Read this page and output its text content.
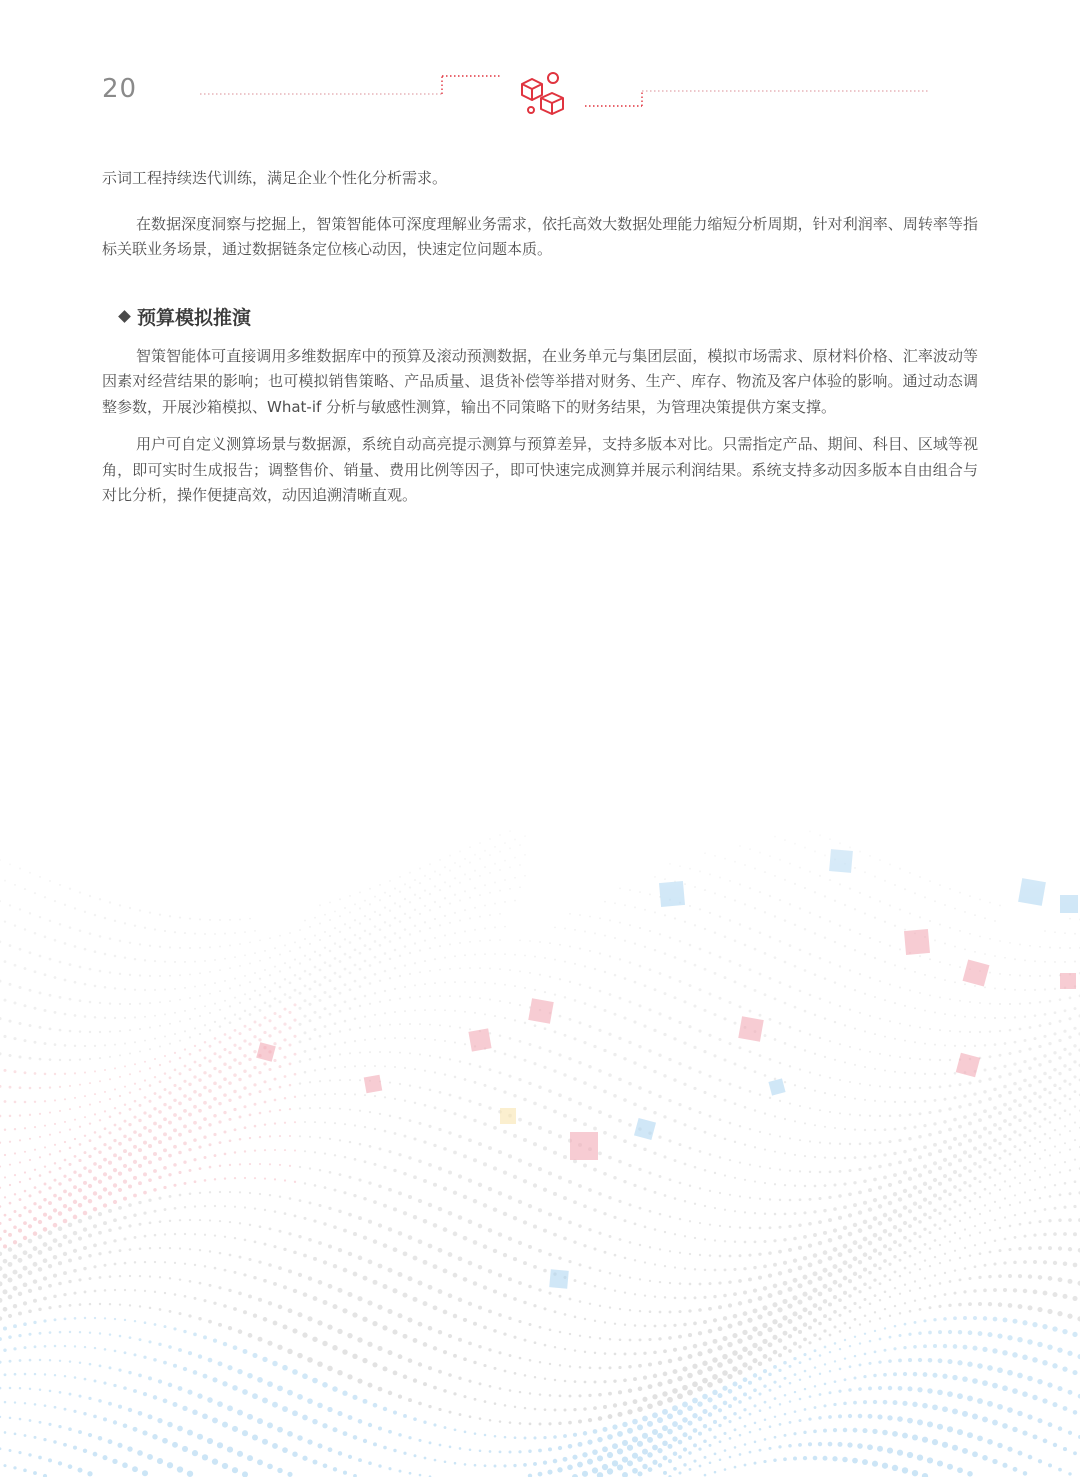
20

示词工程持续迭代训练，满足企业个性化分析需求。

在数据深度洞察与挖掘上，智策智能体可深度理解业务需求，依托高效大数据处理能力缩短分析周期，针对利润率、周转率等指标关联业务场景，通过数据链条定位核心动因，快速定位问题本质。

预算模拟推演

智策智能体可直接调用多维数据库中的预算及滚动预测数据，在业务单元与集团层面，模拟市场需求、原材料价格、汇率波动等因素对经营结果的影响；也可模拟销售策略、产品质量、退货补偿等举措对财务、生产、库存、物流及客户体验的影响。通过动态调整参数，开展沙箱模拟、What-if 分析与敏感性测算，输出不同策略下的财务结果，为管理决策提供方案支撑。

用户可自定义测算场景与数据源，系统自动高亮提示测算与预算差异，支持多版本对比。只需指定产品、期间、科目、区域等视角，即可实时生成报告；调整售价、销量、费用比例等因子，即可快速完成测算并展示利润结果。系统支持多动因多版本自由组合与对比分析，操作便捷高效，动因追溯清晰直观。
